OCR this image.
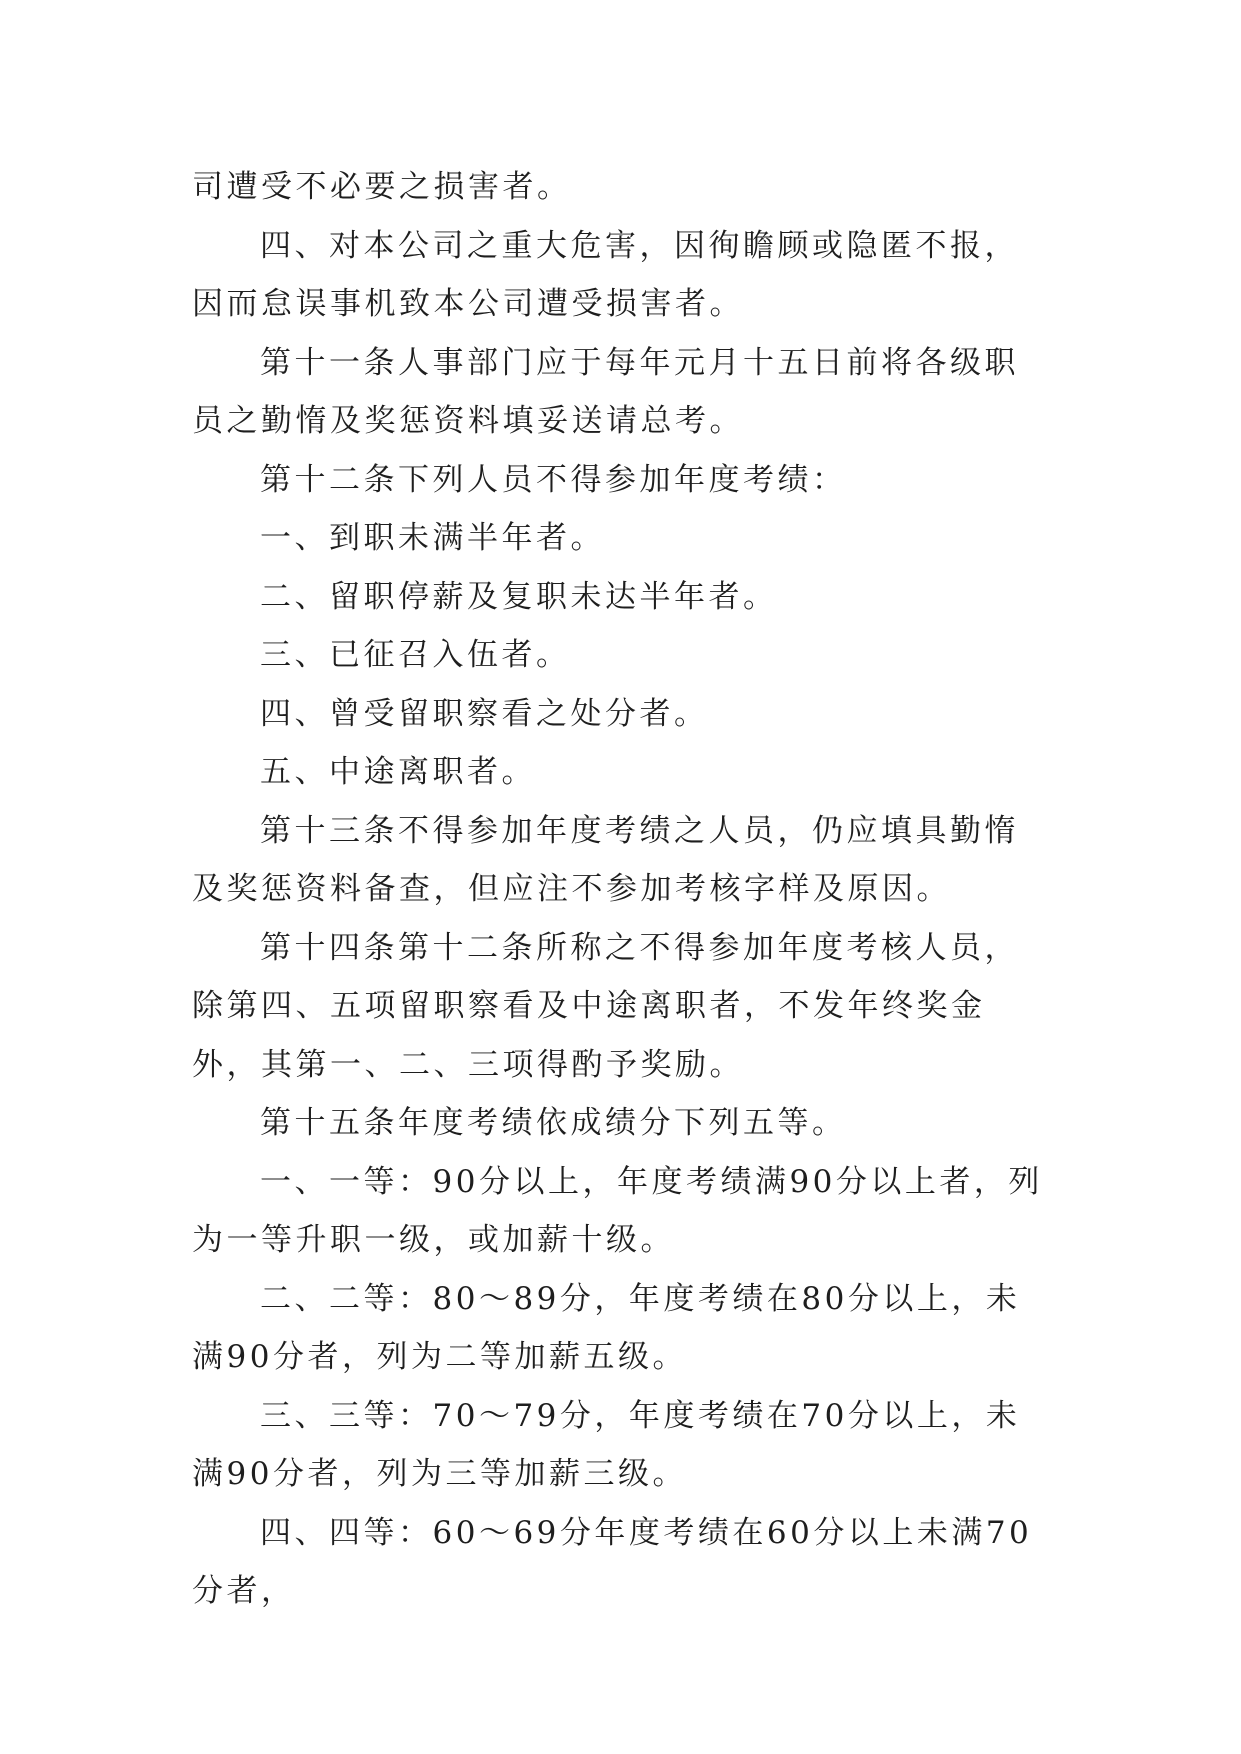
司遭受不必要之损害者。

四、对本公司之重大危害，因徇瞻顾或隐匿不报，因而怠误事机致本公司遭受损害者。

第十一条人事部门应于每年元月十五日前将各级职员之勤惰及奖惩资料填妥送请总考。

第十二条下列人员不得参加年度考绩：

一、到职未满半年者。

二、留职停薪及复职未达半年者。

三、已征召入伍者。

四、曾受留职察看之处分者。

五、中途离职者。

第十三条不得参加年度考绩之人员，仍应填具勤惰及奖惩资料备查，但应注不参加考核字样及原因。

第十四条第十二条所称之不得参加年度考核人员，除第四、五项留职察看及中途离职者，不发年终奖金外，其第一、二、三项得酌予奖励。

第十五条年度考绩依成绩分下列五等。

一、一等：90分以上，年度考绩满90分以上者，列为一等升职一级，或加薪十级。

二、二等：80～89分，年度考绩在80分以上，未满90分者，列为二等加薪五级。

三、三等：70～79分，年度考绩在70分以上，未满90分者，列为三等加薪三级。

四、四等：60～69分年度考绩在60分以上未满70分者，
